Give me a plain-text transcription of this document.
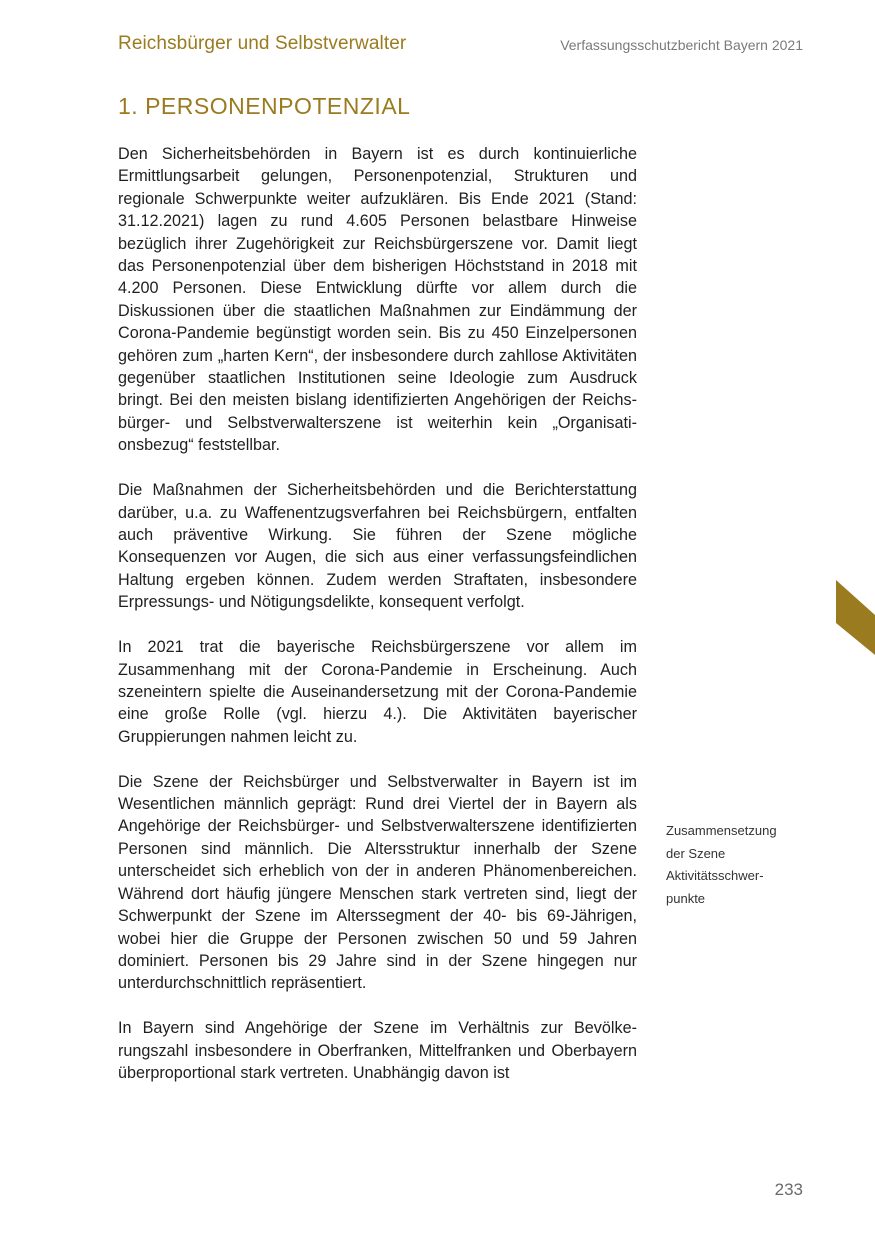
Reichsbürger und Selbstverwalter	Verfassungsschutzbericht Bayern 2021
1. PERSONENPOTENZIAL

Den Sicherheitsbehörden in Bayern ist es durch kontinuierliche Ermittlungsarbeit gelungen, Personenpotenzial, Strukturen und regionale Schwerpunkte weiter aufzuklären. Bis Ende 2021 (Stand: 31.12.2021) lagen zu rund 4.605 Personen belastbare Hinweise bezüglich ihrer Zugehörigkeit zur Reichsbürgerszene vor. Damit liegt das Personenpotenzial über dem bisherigen Höchststand in 2018 mit 4.200 Personen. Diese Entwicklung dürfte vor allem durch die Diskussionen über die staatlichen Maßnahmen zur Eindämmung der Corona-Pandemie begünstigt worden sein. Bis zu 450 Einzelpersonen gehören zum „harten Kern“, der insbesondere durch zahllose Aktivitäten gegenüber staatlichen Institutionen seine Ideologie zum Ausdruck bringt. Bei den meisten bislang identifizierten Angehörigen der Reichsbürger- und Selbstverwalterszene ist weiterhin kein „Organisationsbezug“ feststellbar.

Die Maßnahmen der Sicherheitsbehörden und die Berichterstattung darüber, u.a. zu Waffenentzugsverfahren bei Reichsbürgern, entfalten auch präventive Wirkung. Sie führen der Szene mögliche Konsequenzen vor Augen, die sich aus einer verfassungsfeindlichen Haltung ergeben können. Zudem werden Straftaten, insbesondere Erpressungs- und Nötigungsdelikte, konsequent verfolgt.

In 2021 trat die bayerische Reichsbürgerszene vor allem im Zusammenhang mit der Corona-Pandemie in Erscheinung. Auch szeneintern spielte die Auseinandersetzung mit der Corona-Pandemie eine große Rolle (vgl. hierzu 4.). Die Aktivitäten bayerischer Gruppierungen nahmen leicht zu.

Die Szene der Reichsbürger und Selbstverwalter in Bayern ist im Wesentlichen männlich geprägt: Rund drei Viertel der in Bayern als Angehörige der Reichsbürger- und Selbstverwalterszene identifizierten Personen sind männlich. Die Altersstruktur innerhalb der Szene unterscheidet sich erheblich von der in anderen Phänomenbereichen. Während dort häufig jüngere Menschen stark vertreten sind, liegt der Schwerpunkt der Szene im Alterssegment der 40- bis 69-Jährigen, wobei hier die Gruppe der Personen zwischen 50 und 59 Jahren dominiert. Personen bis 29 Jahre sind in der Szene hingegen nur unterdurchschnittlich repräsentiert.

In Bayern sind Angehörige der Szene im Verhältnis zur Bevölkerungszahl insbesondere in Oberfranken, Mittelfranken und Oberbayern überproportional stark vertreten. Unabhängig davon ist

Zusammensetzung
der Szene
Aktivitätsschwer-
punkte
233
